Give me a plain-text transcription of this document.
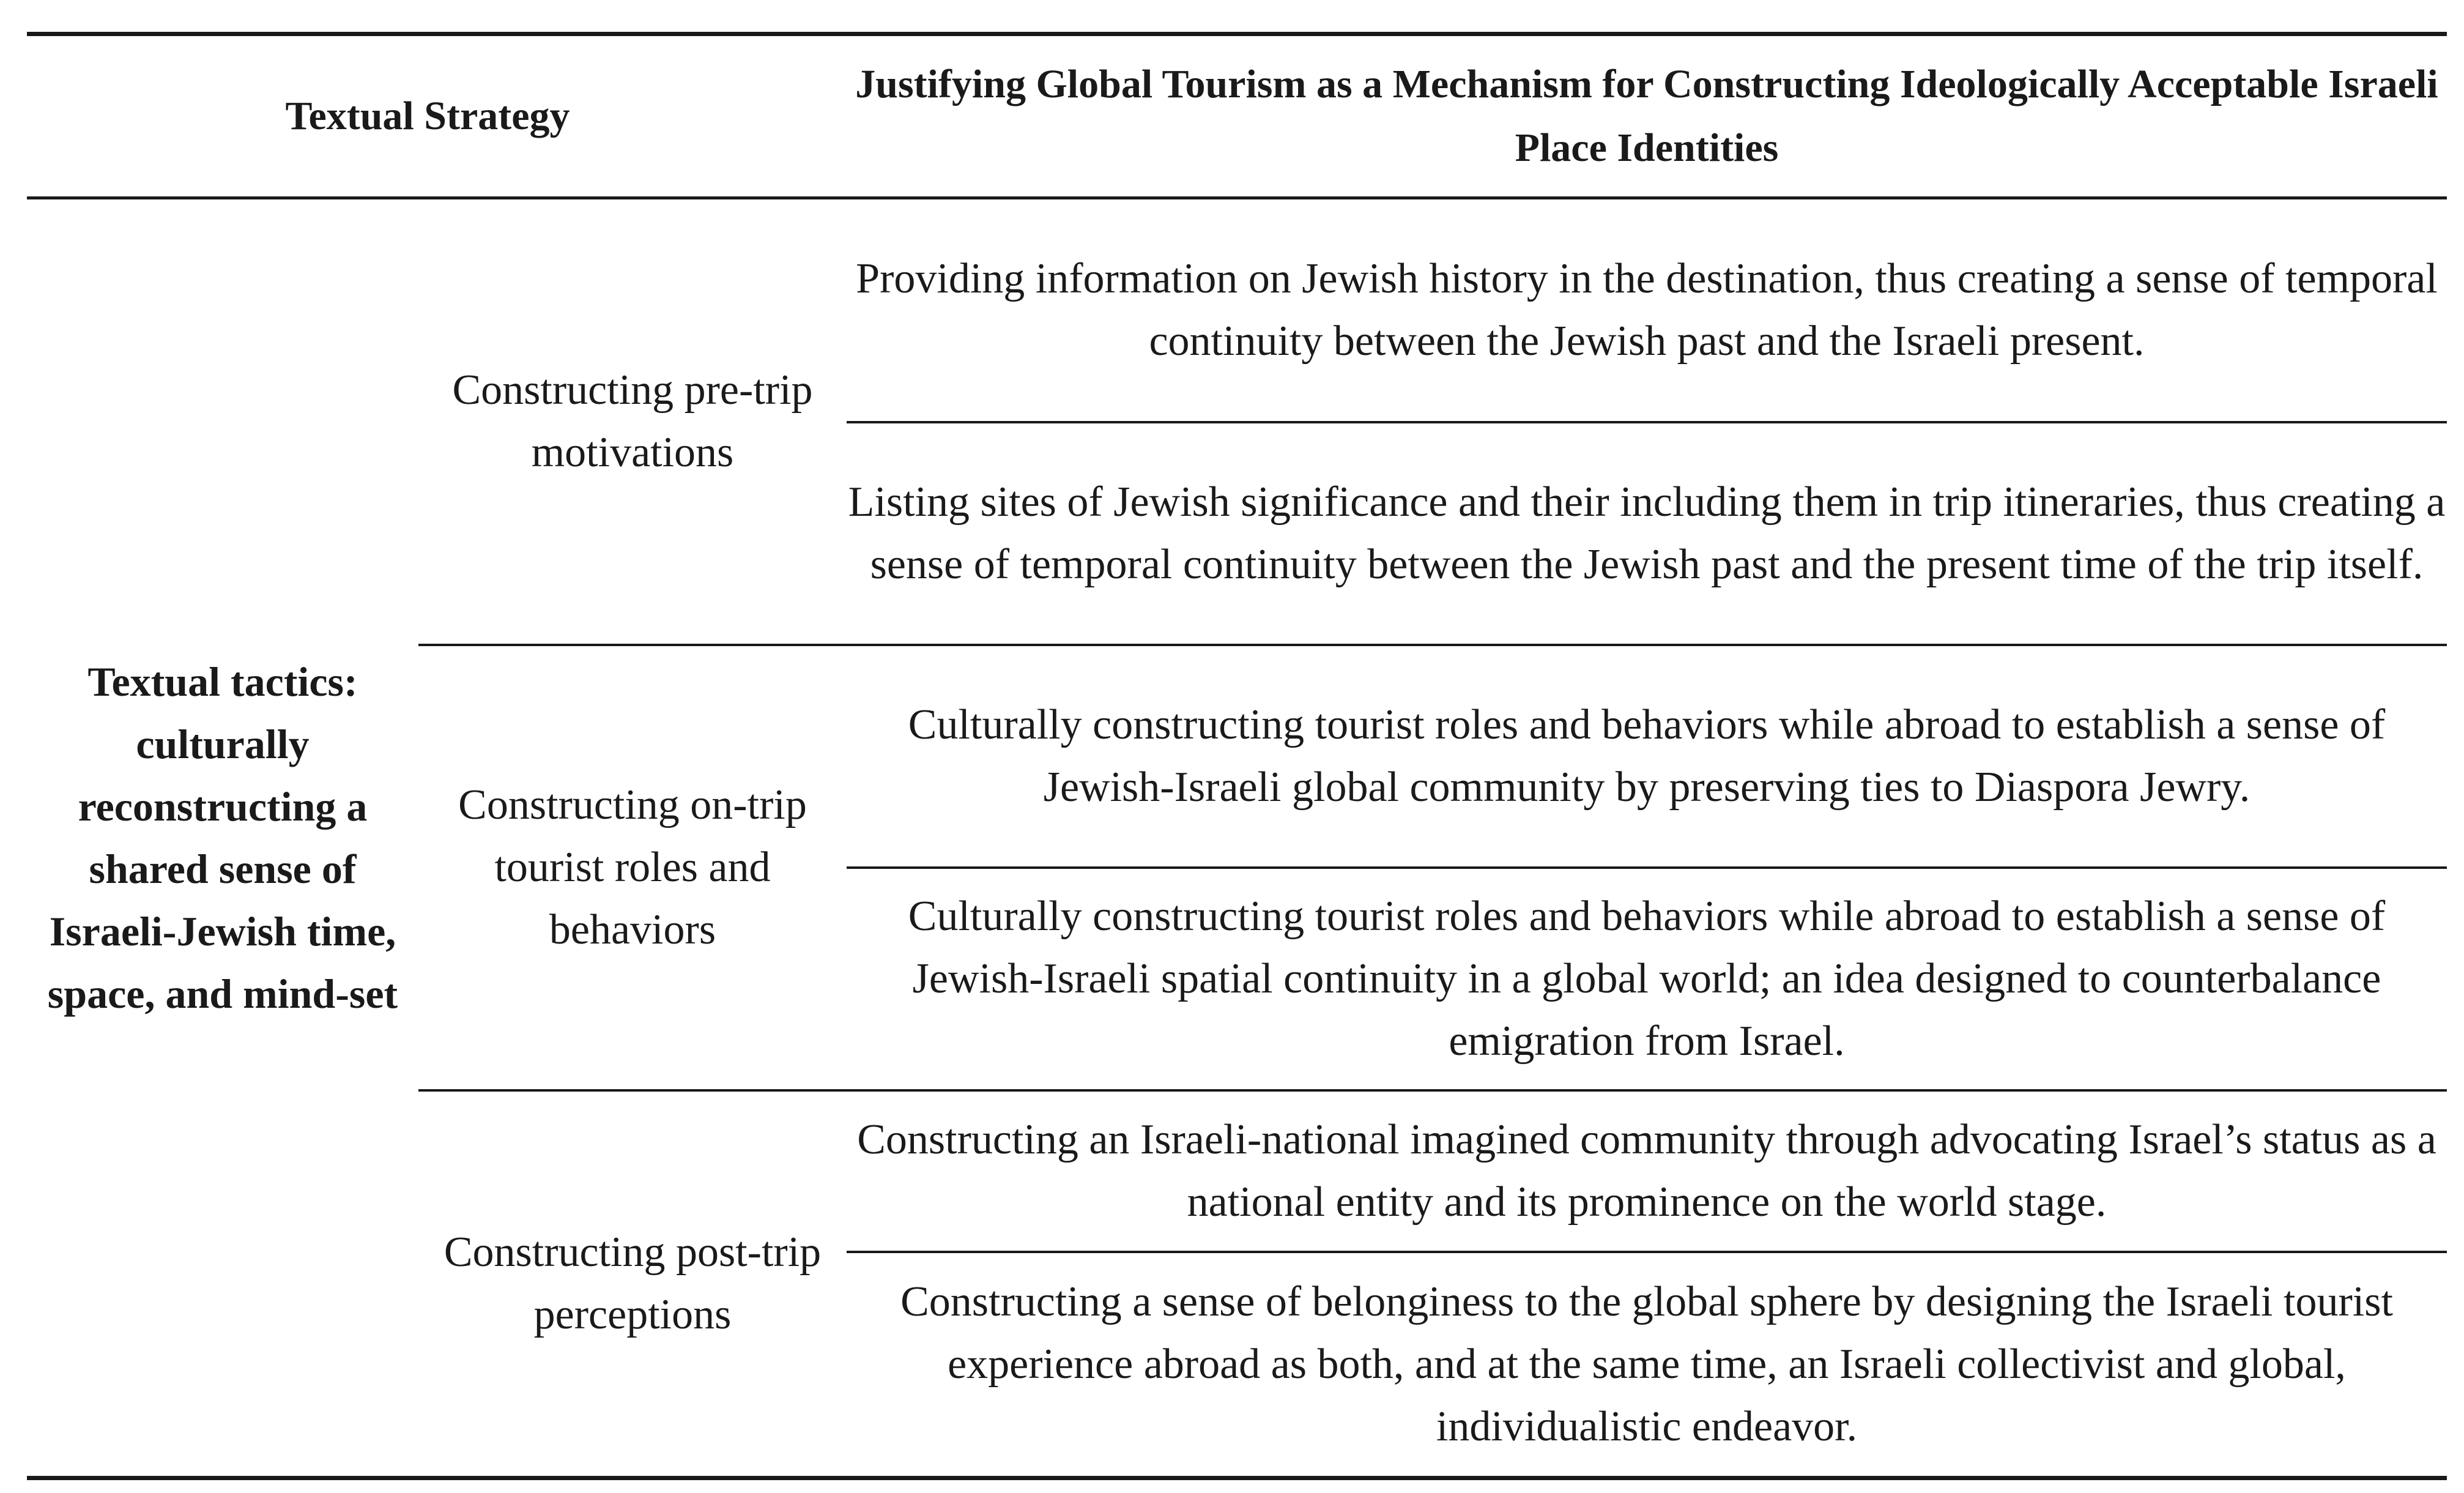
Textual Strategy		Justifying Global Tourism as a Mechanism for Constructing Ideologically Acceptable Israeli Place Identities
Textual tactics: culturally reconstructing a shared sense of Israeli-Jewish time, space, and mind-set	Constructing pre-trip motivations	Providing information on Jewish history in the destination, thus creating a sense of temporal continuity between the Jewish past and the Israeli present.
		Listing sites of Jewish significance and their including them in trip itineraries, thus creating a sense of temporal continuity between the Jewish past and the present time of the trip itself.
	Constructing on-trip tourist roles and behaviors	Culturally constructing tourist roles and behaviors while abroad to establish a sense of Jewish-Israeli global community by preserving ties to Diaspora Jewry.
		Culturally constructing tourist roles and behaviors while abroad to establish a sense of Jewish-Israeli spatial continuity in a global world; an idea designed to counterbalance emigration from Israel.
	Constructing post-trip perceptions	Constructing an Israeli-national imagined community through advocating Israel’s status as a national entity and its prominence on the world stage.
		Constructing a sense of belonginess to the global sphere by designing the Israeli tourist experience abroad as both, and at the same time, an Israeli collectivist and global, individualistic endeavor.
